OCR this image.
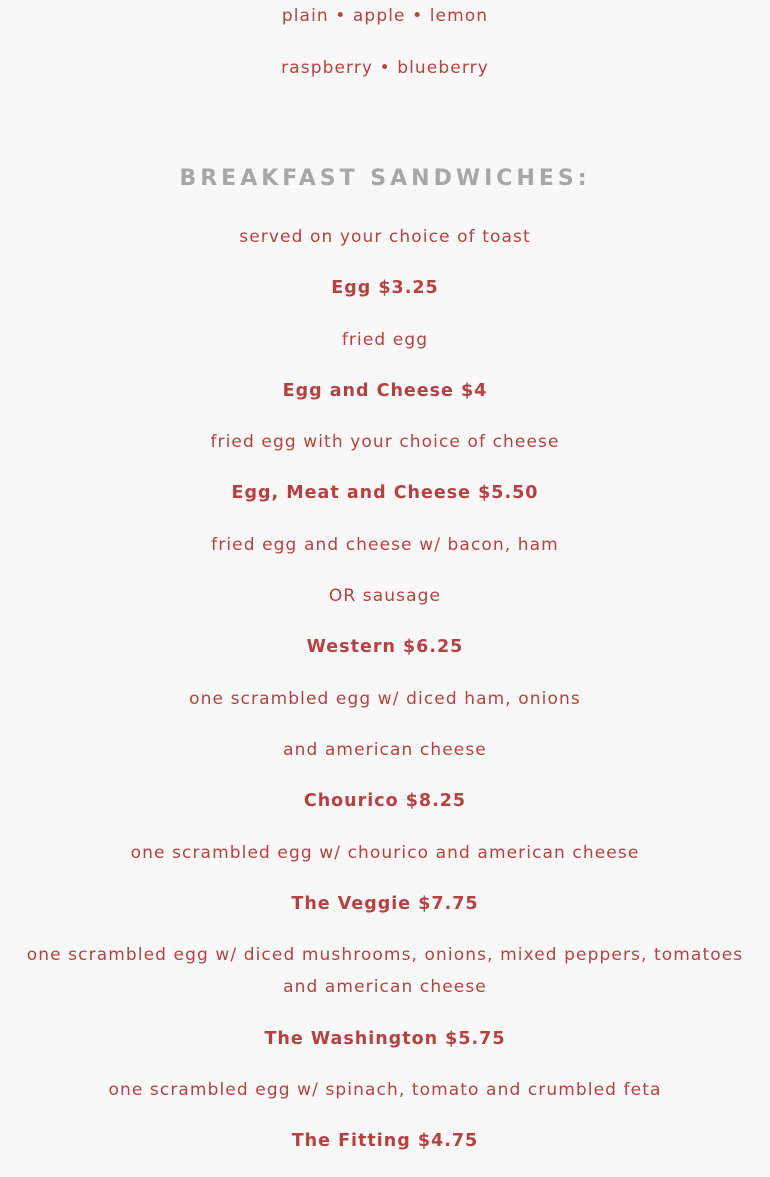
plain • apple • lemon
raspberry • blueberry
BREAKFAST SANDWICHES:
served on your choice of toast
Egg $3.25
fried egg
Egg and Cheese $4
fried egg with your choice of cheese
Egg, Meat and Cheese $5.50
fried egg and cheese w/ bacon, ham
OR sausage
Western $6.25
one scrambled egg w/ diced ham, onions
and american cheese
Chourico $8.25
one scrambled egg w/ chourico and american cheese
The Veggie $7.75
one scrambled egg w/ diced mushrooms, onions, mixed peppers, tomatoes and american cheese
The Washington $5.75
one scrambled egg w/ spinach, tomato and crumbled feta
The Fitting $4.75
